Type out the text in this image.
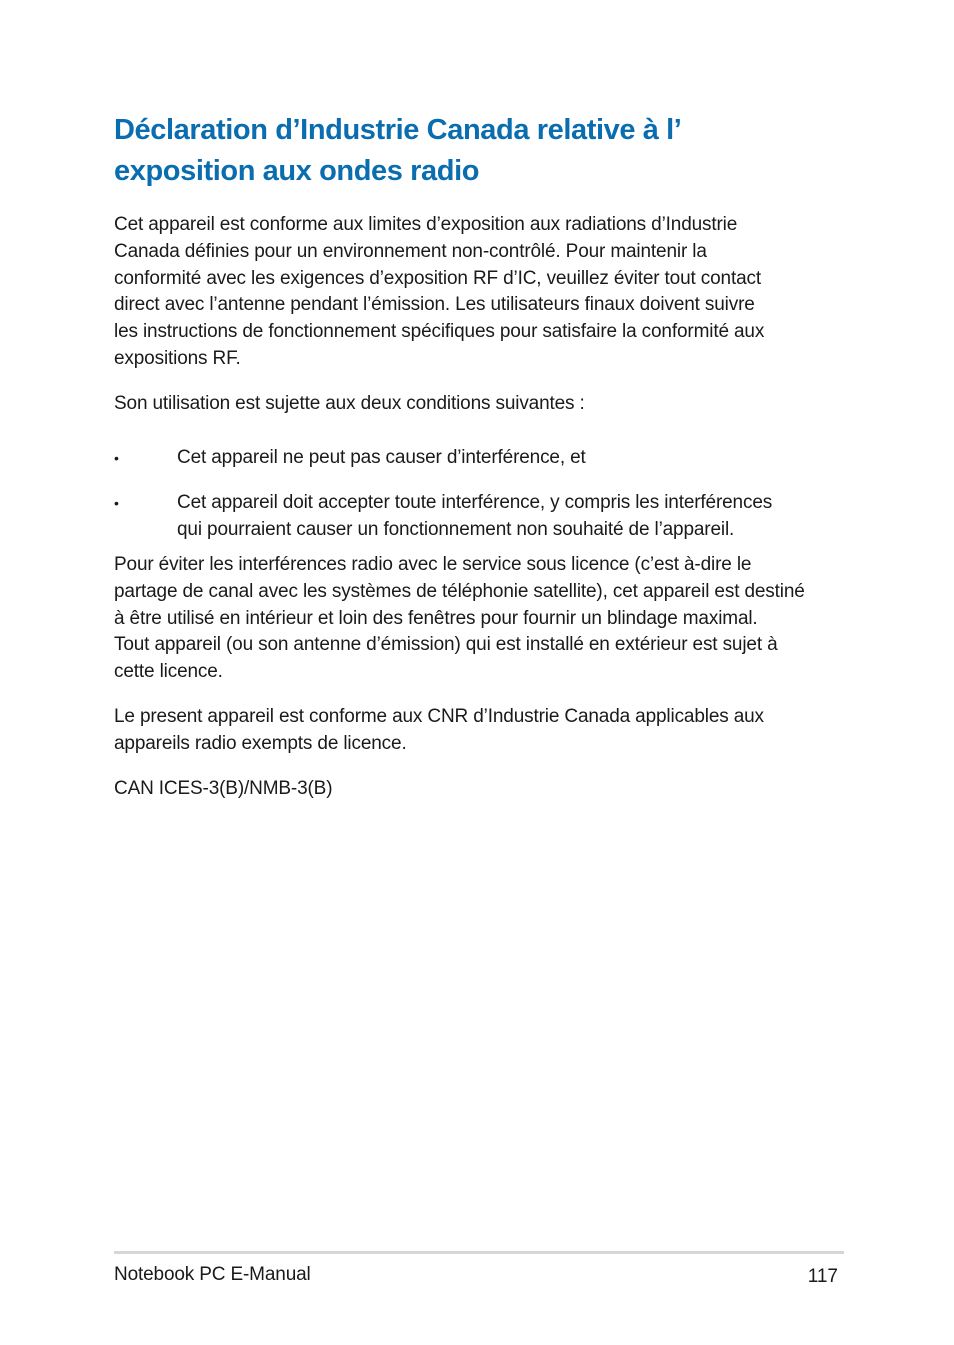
Déclaration d’Industrie Canada relative à l’
exposition aux ondes radio

Cet appareil est conforme aux limites d’exposition aux radiations d’Industrie
Canada définies pour un environnement non-contrôlé. Pour maintenir la
conformité avec les exigences d’exposition RF d’IC, veuillez éviter tout contact
direct avec l’antenne pendant l’émission. Les utilisateurs finaux doivent suivre
les instructions de fonctionnement spécifiques pour satisfaire la conformité aux
expositions RF.

Son utilisation est sujette aux deux conditions suivantes :

•	Cet appareil ne peut pas causer d’interférence, et
•	Cet appareil doit accepter toute interférence, y compris les interférences
qui pourraient causer un fonctionnement non souhaité de l’appareil.

Pour éviter les interférences radio avec le service sous licence (c’est à-dire le
partage de canal avec les systèmes de téléphonie satellite), cet appareil est destiné
à être utilisé en intérieur et loin des fenêtres pour fournir un blindage maximal.
Tout appareil (ou son antenne d’émission) qui est installé en extérieur est sujet à
cette licence.

Le present appareil est conforme aux CNR d’Industrie Canada applicables aux
appareils radio exempts de licence.

CAN ICES-3(B)/NMB-3(B)

Notebook PC E-Manual	117
